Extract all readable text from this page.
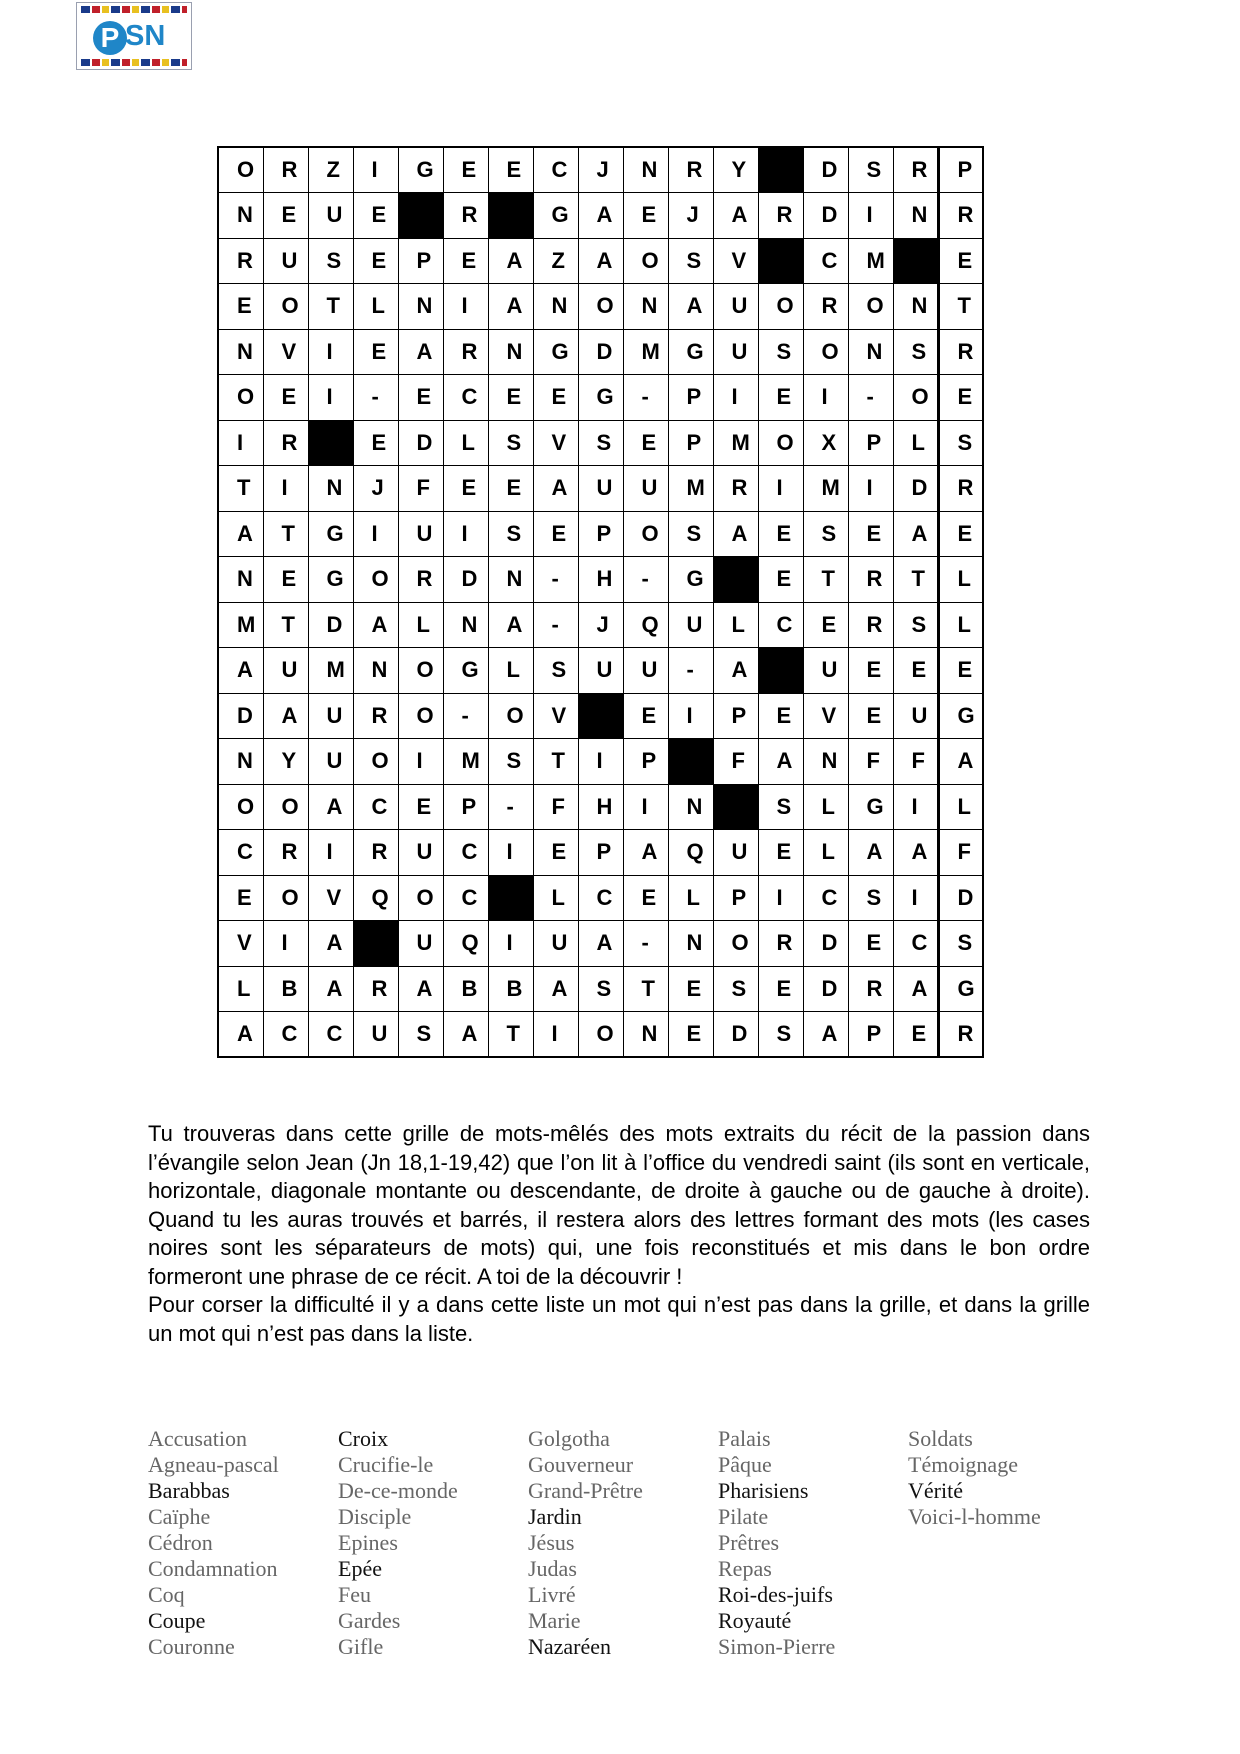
P SN
O	R	Z	I	G	E	E	C	J	N	R	Y		D	S	R	P
N	E	U	E		R		G	A	E	J	A	R	D	I	N	R
R	U	S	E	P	E	A	Z	A	O	S	V		C	M		E
E	O	T	L	N	I	A	N	O	N	A	U	O	R	O	N	T
N	V	I	E	A	R	N	G	D	M	G	U	S	O	N	S	R
O	E	I	-	E	C	E	E	G	-	P	I	E	I	-	O	E
I	R		E	D	L	S	V	S	E	P	M	O	X	P	L	S
T	I	N	J	F	E	E	A	U	U	M	R	I	M	I	D	R
A	T	G	I	U	I	S	E	P	O	S	A	E	S	E	A	E
N	E	G	O	R	D	N	-	H	-	G		E	T	R	T	L
M	T	D	A	L	N	A	-	J	Q	U	L	C	E	R	S	L
A	U	M	N	O	G	L	S	U	U	-	A		U	E	E	E
D	A	U	R	O	-	O	V		E	I	P	E	V	E	U	G
N	Y	U	O	I	M	S	T	I	P		F	A	N	F	F	A
O	O	A	C	E	P	-	F	H	I	N		S	L	G	I	L
C	R	I	R	U	C	I	E	P	A	Q	U	E	L	A	A	F
E	O	V	Q	O	C		L	C	E	L	P	I	C	S	I	D
V	I	A		U	Q	I	U	A	-	N	O	R	D	E	C	S
L	B	A	R	A	B	B	A	S	T	E	S	E	D	R	A	G
A	C	C	U	S	A	T	I	O	N	E	D	S	A	P	E	R

Tu trouveras dans cette grille de mots-mêlés des mots extraits du récit de la passion dans l’évangile selon Jean (Jn 18,1-19,42) que l’on lit à l’office du vendredi saint (ils sont en verticale, horizontale, diagonale montante ou descendante, de droite à gauche ou de gauche à droite). Quand tu les auras trouvés et barrés, il restera alors des lettres formant des mots (les cases noires sont les séparateurs de mots) qui, une fois reconstitués et mis dans le bon ordre formeront une phrase de ce récit. A toi de la découvrir !

Pour corser la difficulté il y a dans cette liste un mot qui n’est pas dans la grille, et dans la grille un mot qui n’est pas dans la liste.

Accusation
Agneau-pascal
Barabbas
Caïphe
Cédron
Condamnation
Coq
Coupe
Couronne
Croix
Crucifie-le
De-ce-monde
Disciple
Epines
Epée
Feu
Gardes
Gifle
Golgotha
Gouverneur
Grand-Prêtre
Jardin
Jésus
Judas
Livré
Marie
Nazaréen
Palais
Pâque
Pharisiens
Pilate
Prêtres
Repas
Roi-des-juifs
Royauté
Simon-Pierre
Soldats
Témoignage
Vérité
Voici-l-homme
